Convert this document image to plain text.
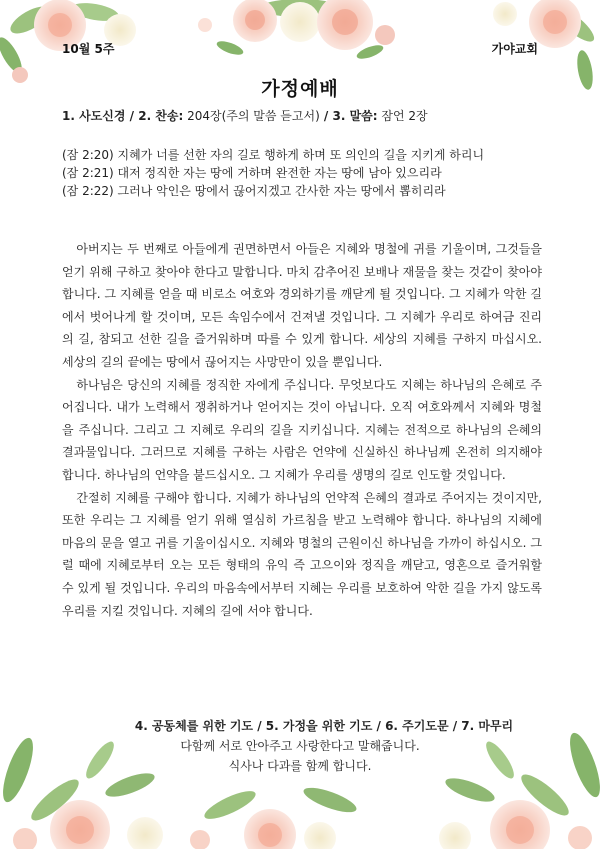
10월 5주	가야교회
가정예배
1. 사도신경 / 2. 찬송: 204장(주의 말씀 듣고서) / 3. 말씀: 잠언 2장
(잠 2:20) 지혜가 너를 선한 자의 길로 행하게 하며 또 의인의 길을 지키게 하리니
(잠 2:21) 대저 정직한 자는 땅에 거하며 완전한 자는 땅에 남아 있으리라
(잠 2:22) 그러나 악인은 땅에서 끊어지겠고 간사한 자는 땅에서 뽑히리라

아버지는 두 번째로 아들에게 권면하면서 아들은 지혜와 명철에 귀를 기울이며, 그것들을 얻기 위해 구하고 찾아야 한다고 말합니다. 마치 감추어진 보배나 재물을 찾는 것같이 찾아야 합니다. 그 지혜를 얻을 때 비로소 여호와 경외하기를 깨닫게 될 것입니다. 그 지혜가 악한 길에서 벗어나게 할 것이며, 모든 속임수에서 건져낼 것입니다. 그 지혜가 우리로 하여금 진리의 길, 참되고 선한 길을 즐거워하며 따를 수 있게 합니다. 세상의 지혜를 구하지 마십시오. 세상의 길의 끝에는 땅에서 끊어지는 사망만이 있을 뿐입니다.

하나님은 당신의 지혜를 정직한 자에게 주십니다. 무엇보다도 지혜는 하나님의 은혜로 주어집니다. 내가 노력해서 쟁취하거나 얻어지는 것이 아닙니다. 오직 여호와께서 지혜와 명철을 주십니다. 그리고 그 지혜로 우리의 길을 지키십니다. 지혜는 전적으로 하나님의 은혜의 결과물입니다. 그러므로 지혜를 구하는 사람은 언약에 신실하신 하나님께 온전히 의지해야 합니다. 하나님의 언약을 붙드십시오. 그 지혜가 우리를 생명의 길로 인도할 것입니다.

간절히 지혜를 구해야 합니다. 지혜가 하나님의 언약적 은혜의 결과로 주어지는 것이지만, 또한 우리는 그 지혜를 얻기 위해 열심히 가르침을 받고 노력해야 합니다. 하나님의 지혜에 마음의 문을 열고 귀를 기울이십시오. 지혜와 명철의 근원이신 하나님을 가까이 하십시오. 그럴 때에 지혜로부터 오는 모든 형태의 유익 즉 고으이와 정직을 깨닫고, 영혼으로 즐거워할 수 있게 될 것입니다. 우리의 마음속에서부터 지혜는 우리를 보호하여 악한 길을 가지 않도록 우리를 지킬 것입니다. 지혜의 길에 서야 합니다.

4. 공동체를 위한 기도 / 5. 가정을 위한 기도 / 6. 주기도문 / 7. 마무리
다함께 서로 안아주고 사랑한다고 말해줍니다.
식사나 다과를 함께 합니다.
